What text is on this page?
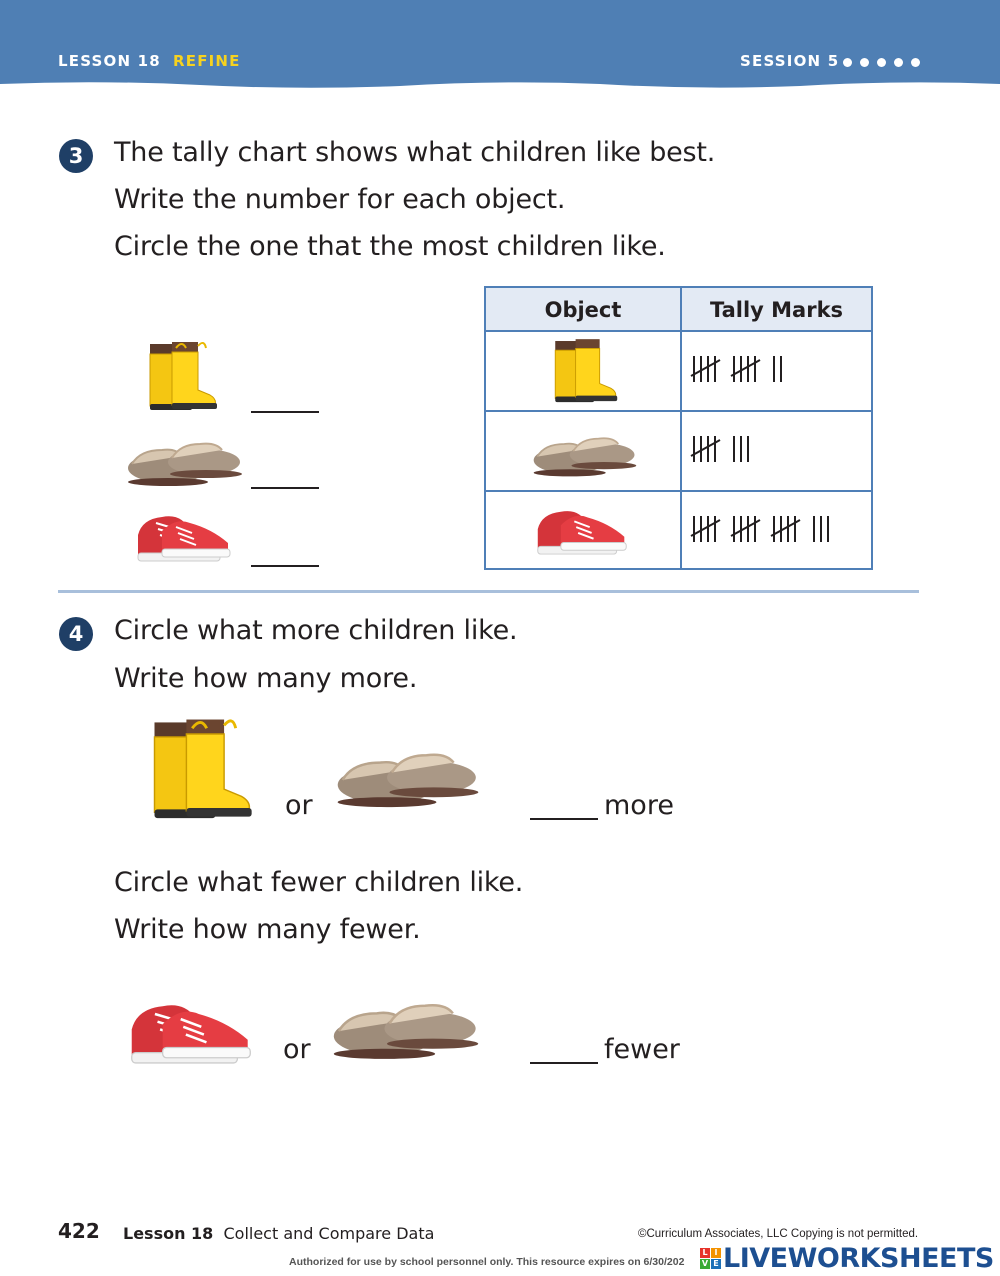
LESSON 18 REFINE	SESSION 5
3	The tally chart shows what children like best.
Write the number for each object.
Circle the one that the most children like.
Object	Tally Marks
4	Circle what more children like.
Write how many more.
or	more
Circle what fewer children like.
Write how many fewer.
or	fewer
422 Lesson 18 Collect and Compare Data	©Curriculum Associates, LLC Copying is not permitted.
Authorized for use by school personnel only. This resource expires on 6/30/202
L I
V E LIVEWORKSHEETS
